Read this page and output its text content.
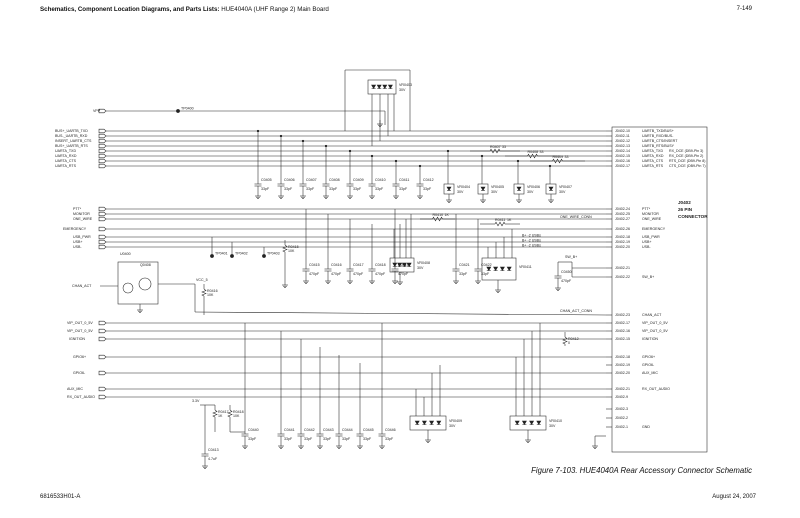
Schematics, Component Location Diagrams, and Parts Lists: HUE4040A (UHF Range 2) Main Board	7-149
J0402
26 PIN
CONNECTOR
J0402-10	UARTB_TXD/BUS+
J0402-11	UARTB_RXD/BUS-
J0402-12	UARTB_CTS/INSERT
J0402-13	UARTB_RTS/BUSY
J0402-14	UARTA_TXD
J0402-15	UARTA_RXD
J0402-16	UARTA_CTS
J0402-17	UARTA_RTS
J0402-24	PTT*
J0402-25	MONITOR
J0402-27	ONE_WIRE
J0402-26	EMERGENCY
J0402-18	USB_PWR
J0402-19	USB+
J0402-20	USB-
J0402-21
J0402-22	SW_B+
J0402-23	CHAN_ACT
J0402-17	VIP_OUT_0_5V
J0402-16	VIP_OUT_0_5V
J0402-15	IGNITION
J0402-18	GPIO6+
J0402-19	GPIO6-
J0402-20	AUX_MIC
J0402-21	RX_OUT_AUDIO
J0402-9
J0402-3
J0402-2
J0402-1	GND
VPP
TP0400
BUS+_UARTB_TXD
BUS-_UARTB_RXD
INSERT_UARTB_CTS
BUS+_UARTB_RTS
VR0403
30V
UARTA_TXD
UARTA_RXD
UARTA_CTS
UARTA_RTS
R0407 33
R0408 33
R0409 33
RX_DCE (DB9-Pin 3)
RX_DCE (DB9-Pin 2)
RTS_DCE (DB9-Pin 8)
CTS_DCE (DB9-Pin 7)
C0405
33pF
C0406
33pF
C0407
33pF
C0408
33pF
C0409
33pF
C0410
33pF
C0411
33pF
C0412
33pF	VR0404
30V
VR0405
30V
VR0406
30V
VR0407
30V
PTT*
MONITOR
ONE_WIRE
R0410 1K	ONE_WIRE_CONN
EMERGENCY
R0411 1K
USB_PWR	B+ -2 USBs
USB+	B+ -2 USBs
USB-	B+ -2 USBs
TP0401 TP0402	TP0403
C0415
470pF
C0416
470pF
C0417
470pF
C0418
470pF
C0419
470pF
C0421
33pF
C0422
33pF
R0415
10K
VR0408
30V	VR0411
SW_B+
C0450
470pF
CHAN_ACT
U0400
Q0408
R0416
10K
VCC_5
CHAN_ACT_CONN
VIP_OUT_0_5V
VIP_OUT_0_5V
IGNITION	R0412
0
GPIO6+
GPIO6-
AUX_MIC
RX_OUT_AUDIO
C0440
33pF
C0441
33pF
C0442
33pF
C0443
33pF
C0444
33pF
C0445
33pF
C0446
33pF
3.3V
R0417
1K
R0418
10K
C0413
4.7uF
VR0409
30V
VR0410
30V
Figure 7-103. HUE4040A Rear Accessory Connector Schematic
6816533H01-A	August 24, 2007
